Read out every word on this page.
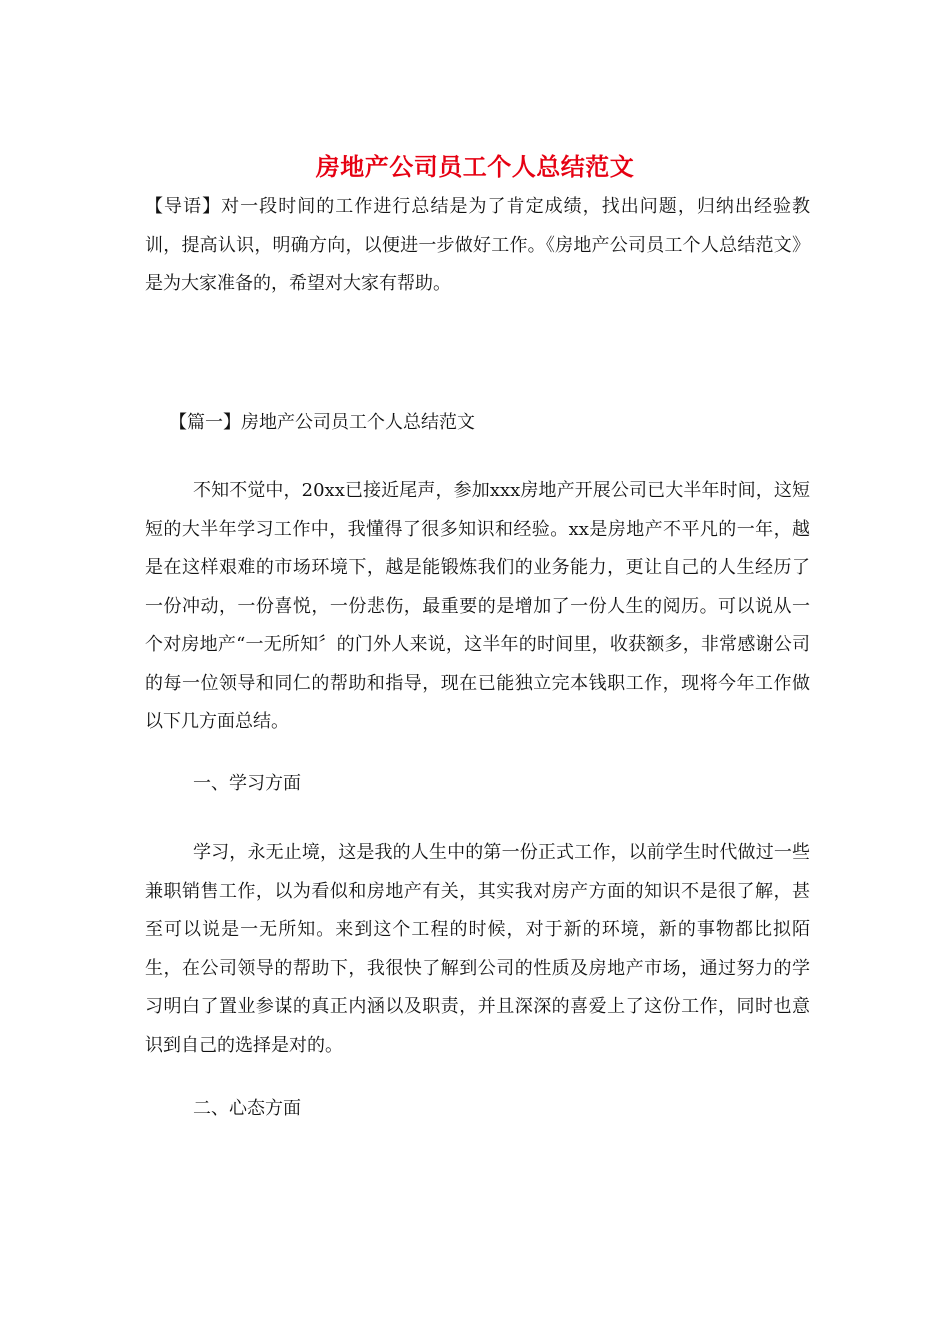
房地产公司员工个人总结范文
【导语】对一段时间的工作进行总结是为了肯定成绩，找出问题，归纳出经验教训，提高认识，明确方向，以便进一步做好工作。《房地产公司员工个人总结范文》是为大家准备的，希望对大家有帮助。
【篇一】房地产公司员工个人总结范文
不知不觉中，20xx已接近尾声，参加xxx房地产开展公司已大半年时间，这短短的大半年学习工作中，我懂得了很多知识和经验。xx是房地产不平凡的一年，越是在这样艰难的市场环境下，越是能锻炼我们的业务能力，更让自己的人生经历了一份冲动，一份喜悦，一份悲伤，最重要的是增加了一份人生的阅历。可以说从一个对房地产“一无所知〞的门外人来说，这半年的时间里，收获额多，非常感谢公司的每一位领导和同仁的帮助和指导，现在已能独立完本钱职工作，现将今年工作做以下几方面总结。
一、学习方面
学习，永无止境，这是我的人生中的第一份正式工作，以前学生时代做过一些兼职销售工作，以为看似和房地产有关，其实我对房产方面的知识不是很了解，甚至可以说是一无所知。来到这个工程的时候，对于新的环境，新的事物都比拟陌生，在公司领导的帮助下，我很快了解到公司的性质及房地产市场，通过努力的学习明白了置业参谋的真正内涵以及职责，并且深深的喜爱上了这份工作，同时也意识到自己的选择是对的。
二、心态方面
